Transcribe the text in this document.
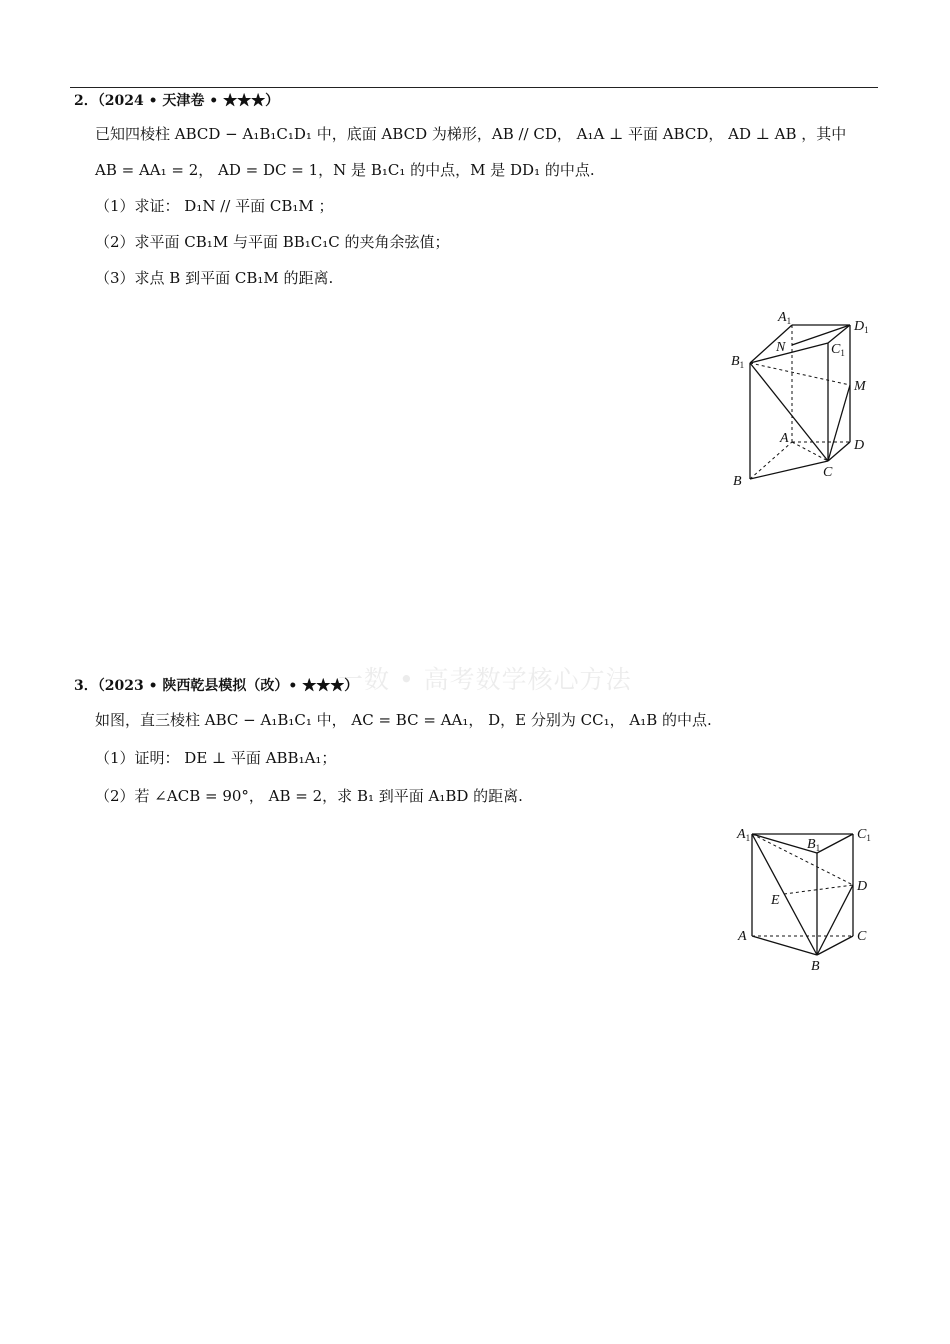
2．（2024 • 天津卷 • ★★★）
已知四棱柱 ABCD − A₁B₁C₁D₁ 中，底面 ABCD 为梯形，AB // CD， A₁A ⊥ 平面 ABCD， AD ⊥ AB ，其中
AB = AA₁ = 2， AD = DC = 1，N 是 B₁C₁ 的中点，M 是 DD₁ 的中点.
（1）求证： D₁N // 平面 CB₁M ；
（2）求平面 CB₁M 与平面 BB₁C₁C 的夹角余弦值；
（3）求点 B 到平面 CB₁M 的距离.
$A_1$	$D_1$
N	$C_1$
$B_1$
M
A	D
C
B
一数 • 高考数学核心方法
3．（2023 • 陕西乾县模拟（改）• ★★★）
如图，直三棱柱 ABC − A₁B₁C₁ 中， AC = BC = AA₁， D，E 分别为 CC₁， A₁B 的中点.
（1）证明： DE ⊥ 平面 ABB₁A₁；
（2）若 ∠ACB = 90°， AB = 2，求 B₁ 到平面 A₁BD 的距离.
$A_1$	$B_1$
$C_1$
D
E
A	C
B
